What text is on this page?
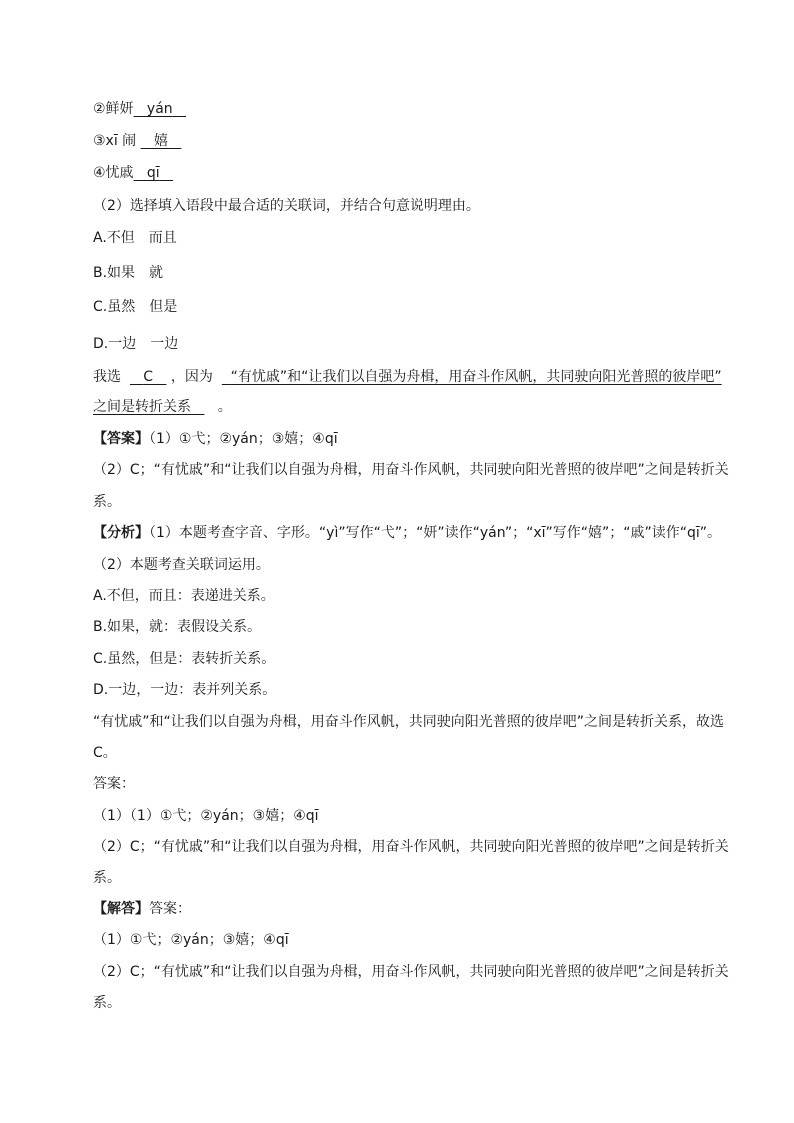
②鲜妍 yán
③xī 闹 嬉
④忧戚 qī
（2）选择填入语段中最合适的关联词，并结合句意说明理由。
A.不但　而且
B.如果　就
C.虽然　但是
D.一边　一边
我选 C ，因为 “有忧戚”和“让我们以自强为舟楫，用奋斗作风帆，共同驶向阳光普照的彼岸吧”
之间是转折关系 。
【答案】（1）①弋；②yán；③嬉；④qī
（2）C；“有忧戚”和“让我们以自强为舟楫，用奋斗作风帆，共同驶向阳光普照的彼岸吧”之间是转折关
系。
【分析】（1）本题考查字音、字形。“yì”写作“弋”；“妍”读作“yán”；“xī”写作“嬉”；“戚”读作“qī”。
（2）本题考查关联词运用。
A.不但，而且：表递进关系。
B.如果，就：表假设关系。
C.虽然，但是：表转折关系。
D.一边，一边：表并列关系。
“有忧戚”和“让我们以自强为舟楫，用奋斗作风帆，共同驶向阳光普照的彼岸吧”之间是转折关系，故选
C。
答案：
（1）（1）①弋；②yán；③嬉；④qī
（2）C；“有忧戚”和“让我们以自强为舟楫，用奋斗作风帆，共同驶向阳光普照的彼岸吧”之间是转折关
系。
【解答】答案：
（1）①弋；②yán；③嬉；④qī
（2）C；“有忧戚”和“让我们以自强为舟楫，用奋斗作风帆，共同驶向阳光普照的彼岸吧”之间是转折关
系。
